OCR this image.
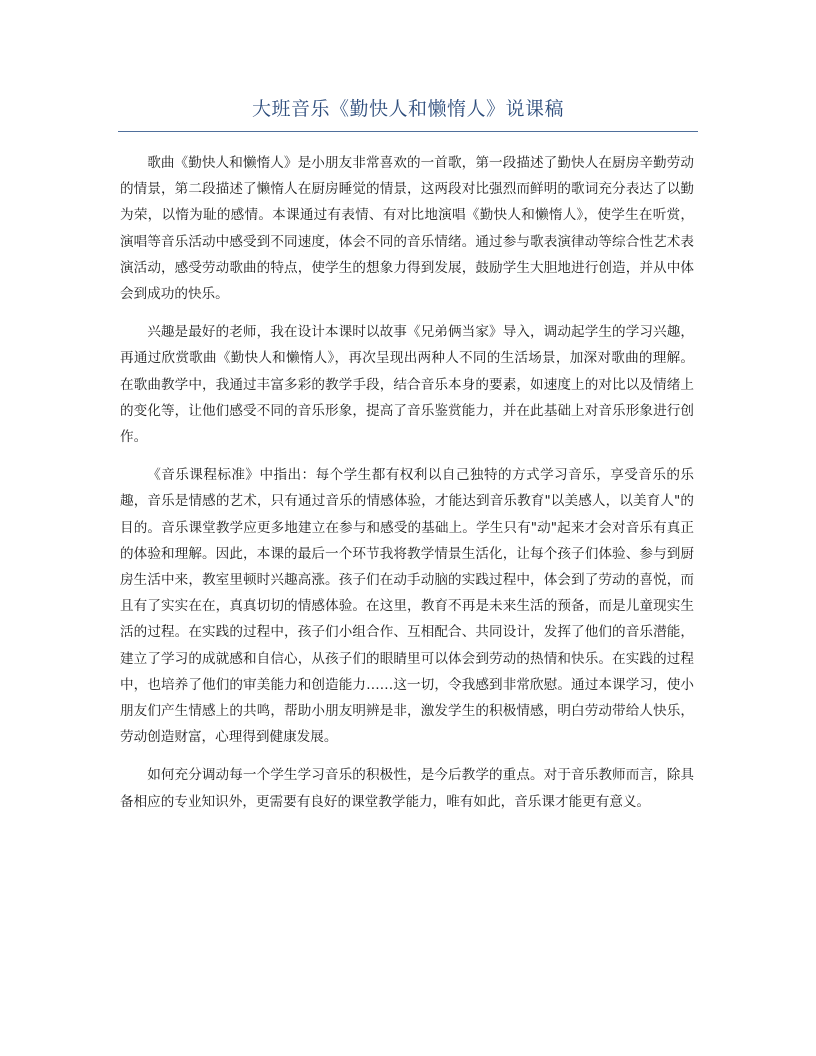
大班音乐《勤快人和懒惰人》说课稿

歌曲《勤快人和懒惰人》是小朋友非常喜欢的一首歌，第一段描述了勤快人在厨房辛勤劳动的情景，第二段描述了懒惰人在厨房睡觉的情景，这两段对比强烈而鲜明的歌词充分表达了以勤为荣，以惰为耻的感情。本课通过有表情、有对比地演唱《勤快人和懒惰人》，使学生在听赏，演唱等音乐活动中感受到不同速度，体会不同的音乐情绪。通过参与歌表演律动等综合性艺术表演活动，感受劳动歌曲的特点，使学生的想象力得到发展，鼓励学生大胆地进行创造，并从中体会到成功的快乐。

兴趣是最好的老师，我在设计本课时以故事《兄弟俩当家》导入，调动起学生的学习兴趣，再通过欣赏歌曲《勤快人和懒惰人》，再次呈现出两种人不同的生活场景，加深对歌曲的理解。在歌曲教学中，我通过丰富多彩的教学手段，结合音乐本身的要素，如速度上的对比以及情绪上的变化等，让他们感受不同的音乐形象，提高了音乐鉴赏能力，并在此基础上对音乐形象进行创作。

《音乐课程标准》中指出：每个学生都有权利以自己独特的方式学习音乐，享受音乐的乐趣，音乐是情感的艺术，只有通过音乐的情感体验，才能达到音乐教育"以美感人，以美育人"的目的。音乐课堂教学应更多地建立在参与和感受的基础上。学生只有"动"起来才会对音乐有真正的体验和理解。因此，本课的最后一个环节我将教学情景生活化，让每个孩子们体验、参与到厨房生活中来，教室里顿时兴趣高涨。孩子们在动手动脑的实践过程中，体会到了劳动的喜悦，而且有了实实在在，真真切切的情感体验。在这里，教育不再是未来生活的预备，而是儿童现实生活的过程。在实践的过程中，孩子们小组合作、互相配合、共同设计，发挥了他们的音乐潜能，建立了学习的成就感和自信心，从孩子们的眼睛里可以体会到劳动的热情和快乐。在实践的过程中，也培养了他们的审美能力和创造能力……这一切，令我感到非常欣慰。通过本课学习，使小朋友们产生情感上的共鸣，帮助小朋友明辨是非，激发学生的积极情感，明白劳动带给人快乐，劳动创造财富，心理得到健康发展。

如何充分调动每一个学生学习音乐的积极性，是今后教学的重点。对于音乐教师而言，除具备相应的专业知识外，更需要有良好的课堂教学能力，唯有如此，音乐课才能更有意义。
